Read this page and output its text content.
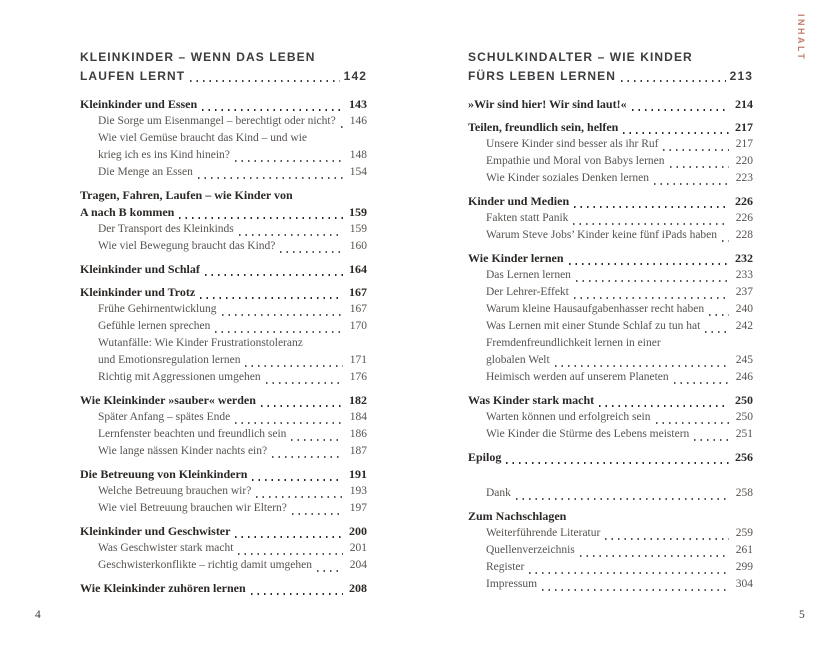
KLEINKINDER – WENN DAS LEBEN
LAUFEN LERNT	142
Kleinkinder und Essen	143
Die Sorge um Eisenmangel – berechtigt oder nicht? 146
Wie viel Gemüse braucht das Kind – und wie
krieg ich es ins Kind hinein?	148
Die Menge an Essen	154
Tragen, Fahren, Laufen – wie Kinder von
A nach B kommen	159
Der Transport des Kleinkinds	159
Wie viel Bewegung braucht das Kind?	160
Kleinkinder und Schlaf	164
Kleinkinder und Trotz	167
Frühe Gehirnentwicklung	167
Gefühle lernen sprechen	170
Wutanfälle: Wie Kinder Frustrationstoleranz
und Emotionsregulation lernen	171
Richtig mit Aggressionen umgehen	176
Wie Kleinkinder »sauber« werden	182
Später Anfang – spätes Ende	184
Lernfenster beachten und freundlich sein	186
Wie lange nässen Kinder nachts ein?	187
Die Betreuung von Kleinkindern	191
Welche Betreuung brauchen wir?	193
Wie viel Betreuung brauchen wir Eltern?	197
Kleinkinder und Geschwister	200
Was Geschwister stark macht	201
Geschwisterkonflikte – richtig damit umgehen	204
Wie Kleinkinder zuhören lernen	208
SCHULKINDALTER – WIE KINDER
FÜRS LEBEN LERNEN	213
»Wir sind hier! Wir sind laut!«	214
Teilen, freundlich sein, helfen	217
Unsere Kinder sind besser als ihr Ruf	217
Empathie und Moral von Babys lernen	220
Wie Kinder soziales Denken lernen	223
Kinder und Medien	226
Fakten statt Panik	226
Warum Steve Jobs’ Kinder keine fünf iPads haben 228
Wie Kinder lernen	232
Das Lernen lernen	233
Der Lehrer-Effekt	237
Warum kleine Hausaufgabenhasser recht haben	240
Was Lernen mit einer Stunde Schlaf zu tun hat	242
Fremdenfreundlichkeit lernen in einer
globalen Welt	245
Heimisch werden auf unserem Planeten	246
Was Kinder stark macht	250
Warten können und erfolgreich sein	250
Wie Kinder die Stürme des Lebens meistern	251
Epilog	256
Dank	258
Zum Nachschlagen
Weiterführende Literatur	259
Quellenverzeichnis	261
Register	299
Impressum	304
4	5
INHALT
